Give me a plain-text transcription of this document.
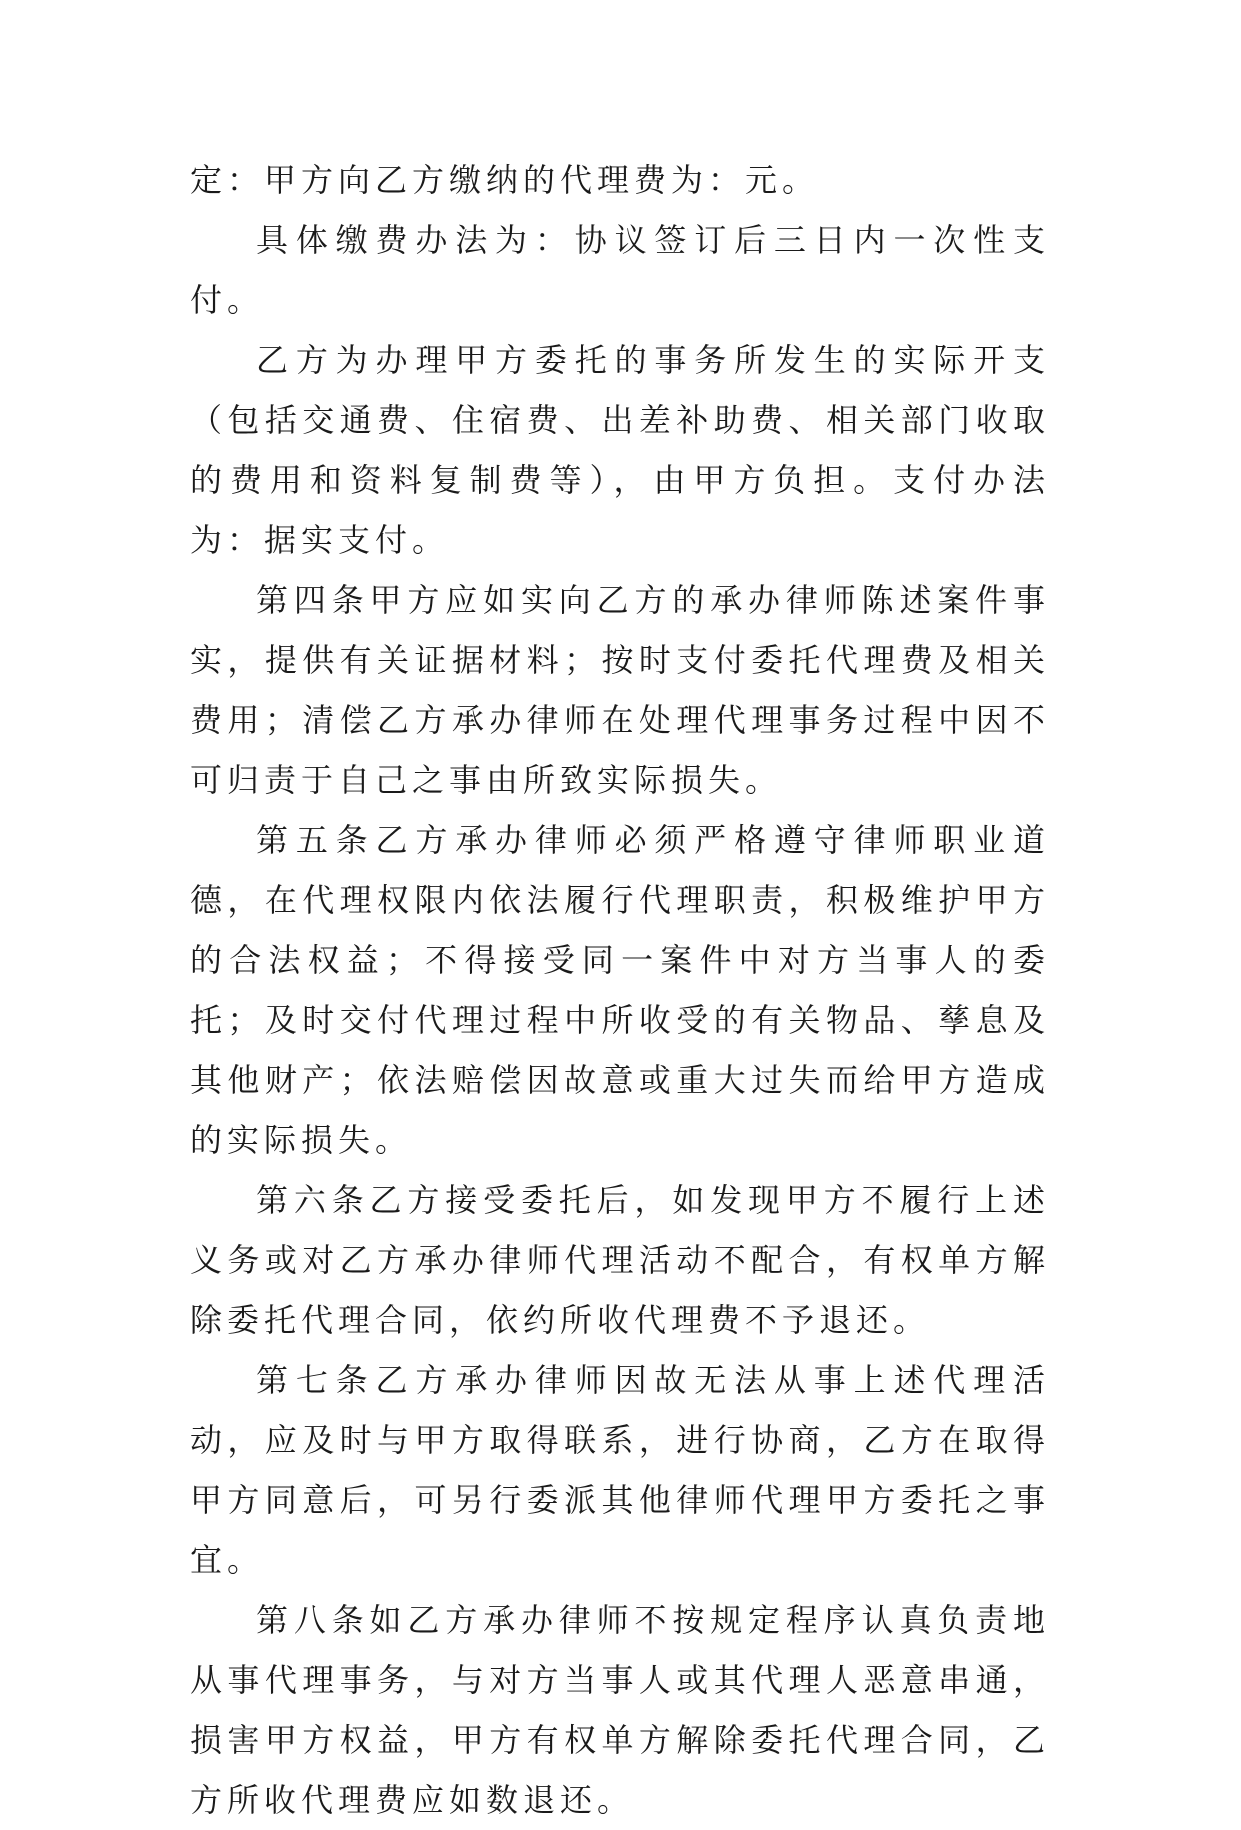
定：甲方向乙方缴纳的代理费为：元。

具体缴费办法为：协议签订后三日内一次性支付。

乙方为办理甲方委托的事务所发生的实际开支（包括交通费、住宿费、出差补助费、相关部门收取的费用和资料复制费等），由甲方负担。支付办法为：据实支付。

第四条甲方应如实向乙方的承办律师陈述案件事实，提供有关证据材料；按时支付委托代理费及相关费用；清偿乙方承办律师在处理代理事务过程中因不可归责于自己之事由所致实际损失。

第五条乙方承办律师必须严格遵守律师职业道德，在代理权限内依法履行代理职责，积极维护甲方的合法权益；不得接受同一案件中对方当事人的委托；及时交付代理过程中所收受的有关物品、孳息及其他财产；依法赔偿因故意或重大过失而给甲方造成的实际损失。

第六条乙方接受委托后，如发现甲方不履行上述义务或对乙方承办律师代理活动不配合，有权单方解除委托代理合同，依约所收代理费不予退还。

第七条乙方承办律师因故无法从事上述代理活动，应及时与甲方取得联系，进行协商，乙方在取得甲方同意后，可另行委派其他律师代理甲方委托之事宜。

第八条如乙方承办律师不按规定程序认真负责地从事代理事务，与对方当事人或其代理人恶意串通，损害甲方权益，甲方有权单方解除委托代理合同，乙方所收代理费应如数退还。
